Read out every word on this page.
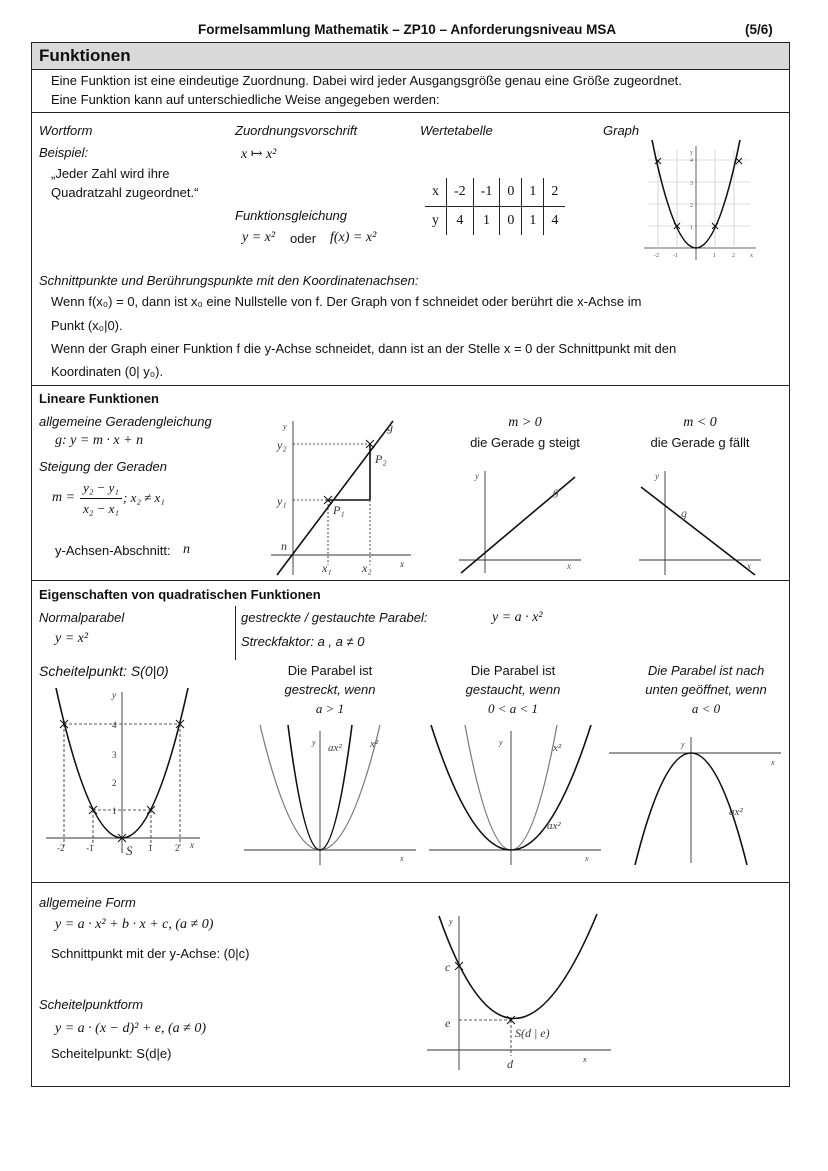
Formelsammlung Mathematik – ZP10 – Anforderungsniveau MSA	(5/6)
Funktionen
Eine Funktion ist eine eindeutige Zuordnung. Dabei wird jeder Ausgangsgröße genau eine Größe zugeordnet.
Eine Funktion kann auf unterschiedliche Weise angegeben werden:
Wortform
Beispiel:
„Jeder Zahl wird ihre
Quadratzahl zugeordnet.“
Zuordnungsvorschrift
x ↦ x²
Funktionsgleichung
y = x² oder f(x) = x²
Wertetabelle
x	-2	-1	0	1	2
y	4	1	0	1	4
Graph
y
4
3
2
1
-2 -1	1	2	x
Schnittpunkte und Berührungspunkte mit den Koordinatenachsen:
Wenn f(x₀) = 0, dann ist x₀ eine Nullstelle von f. Der Graph von f schneidet oder berührt die x-Achse im
Punkt (x₀|0).
Wenn der Graph einer Funktion f die y-Achse schneidet, dann ist an der Stelle x = 0 der Schnittpunkt mit den
Koordinaten (0| y₀).
Lineare Funktionen
allgemeine Geradengleichung
g: y = m · x + n
Steigung der Geraden
m =
y₂ − y₁
x₂ − x₁
; x₂ ≠ x₁
y-Achsen-Abschnitt: n
y
y₂
y₁
n
P₂
P₁
g
x₁	x₂	x
m > 0
die Gerade g steigt
y
g
x
m < 0
die Gerade g fällt
y
g
x
Eigenschaften von quadratischen Funktionen
Normalparabel
y = x²
Scheitelpunkt: S(0|0)
gestreckte / gestauchte Parabel:	y = a · x²
Streckfaktor: a , a ≠ 0
Die Parabel ist
gestreckt, wenn
a > 1
Die Parabel ist
gestaucht, wenn
0 < a < 1
Die Parabel ist nach
unten geöffnet, wenn
a < 0
y
4
3
2
1
-2 -1	1	2 x
S
y ax²	x²
x
y	x²
ax²
x
y
ax²
x
allgemeine Form
y = a · x² + b · x + c, (a ≠ 0)
Schnittpunkt mit der y-Achse: (0|c)
Scheitelpunktform
y = a · (x − d)² + e, (a ≠ 0)
Scheitelpunkt: S(d|e)
y
c
e
S(d | e)
d	x
